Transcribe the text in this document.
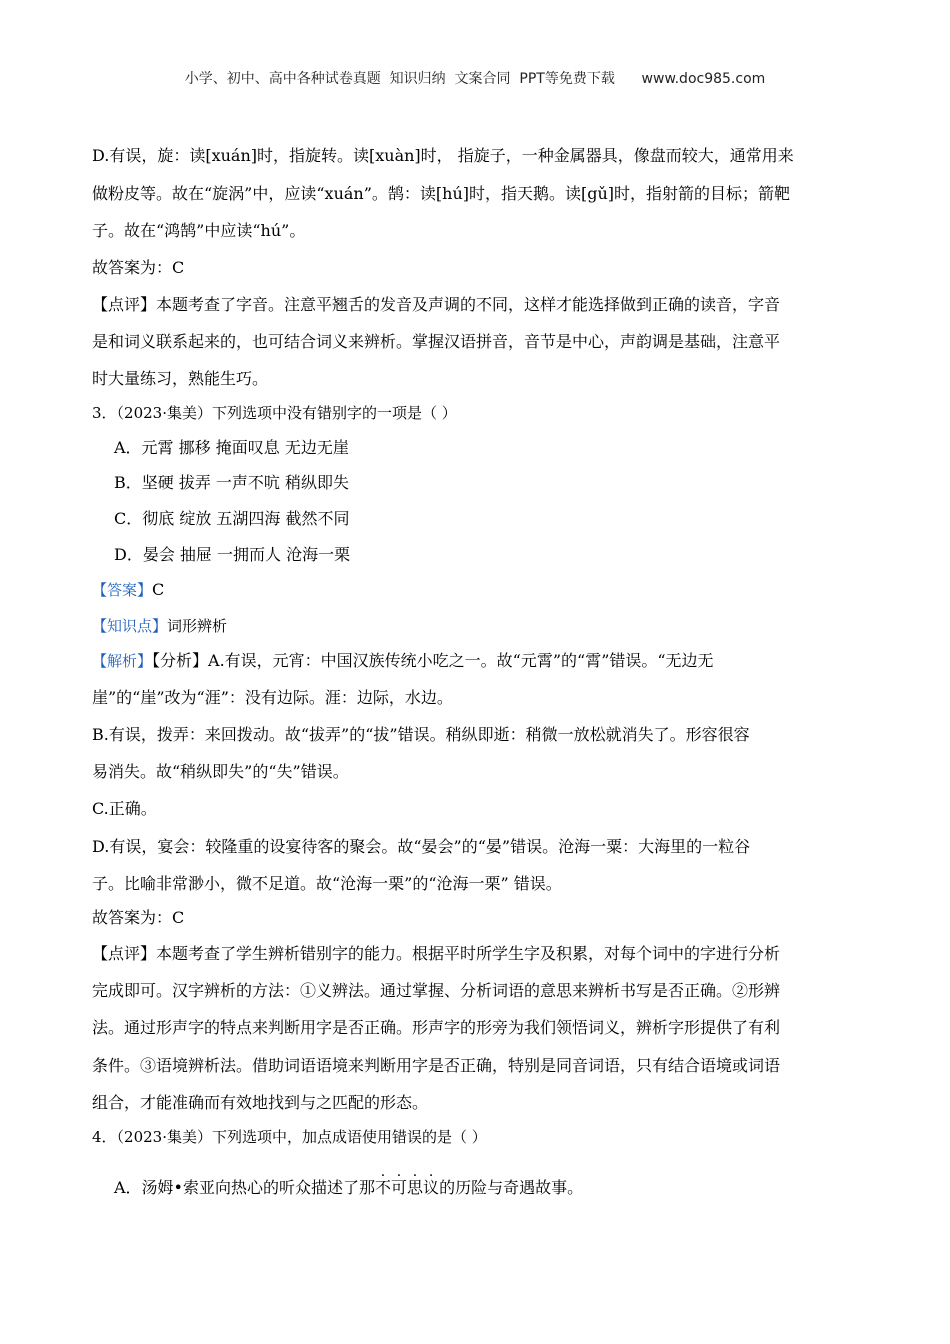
小学、初中、高中各种试卷真题  知识归纳  文案合同  PPT等免费下载      www.doc985.com
D.有误，旋：读[xuán]时，指旋转。读[xuàn]时， 指旋子，一种金属器具，像盘而较大，通常用来
做粉皮等。故在“旋涡”中，应读“xuán”。鹄：读[hú]时，指天鹅。读[gǔ]时，指射箭的目标；箭靶
子。故在“鸿鹄”中应读“hú”。
故答案为：C
【点评】本题考查了字音。注意平翘舌的发音及声调的不同，这样才能选择做到正确的读音，字音
是和词义联系起来的，也可结合词义来辨析。掌握汉语拼音，音节是中心，声韵调是基础，注意平
时大量练习，熟能生巧。
3．（2023·集美）下列选项中没有错别字的一项是（ ）
A．元霄 挪移 掩面叹息 无边无崖
B．坚硬 拔弄 一声不吭 稍纵即失
C．彻底 绽放 五湖四海 截然不同
D．晏会 抽屉 一拥而人 沧海一栗
【答案】C
【知识点】词形辨析
【解析】【分析】A.有误，元宵：中国汉族传统小吃之一。故“元霄”的“霄”错误。“无边无
崖”的“崖”改为“涯”：没有边际。涯：边际，水边。
B.有误，拨弄：来回拨动。故“拔弄”的“拔”错误。稍纵即逝：稍微一放松就消失了。形容很容
易消失。故“稍纵即失”的“失”错误。
C.正确。
D.有误，宴会：较隆重的设宴待客的聚会。故“晏会”的“晏”错误。沧海一粟：大海里的一粒谷
子。比喻非常渺小，微不足道。故“沧海一栗”的“沧海一栗” 错误。
故答案为：C
【点评】本题考查了学生辨析错别字的能力。根据平时所学生字及积累，对每个词中的字进行分析
完成即可。汉字辨析的方法：①义辨法。通过掌握、分析词语的意思来辨析书写是否正确。②形辨
法。通过形声字的特点来判断用字是否正确。形声字的形旁为我们领悟词义，辨析字形提供了有利
条件。③语境辨析法。借助词语语境来判断用字是否正确，特别是同音词语，只有结合语境或词语
组合，才能准确而有效地找到与之匹配的形态。
4．（2023·集美）下列选项中，加点成语使用错误的是（ ）
A．汤姆•索亚向热心的听众描述了那不可思议的历险与奇遇故事。
